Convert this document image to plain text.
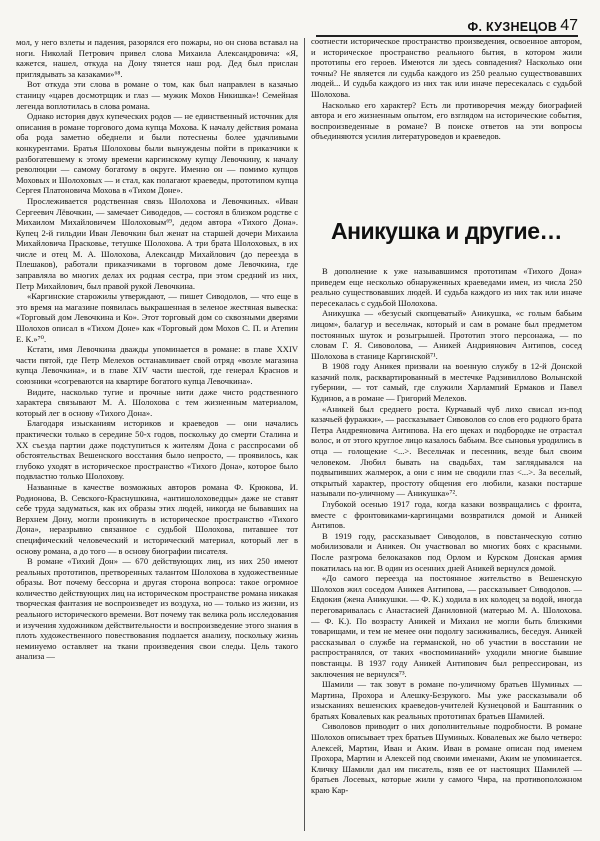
Ф. КУЗНЕЦОВ 47

мол, у него взлеты и падения, разорялся его пожары, но он снова вставал на ноги. Николай Петрович привел слова Михаила Александровича: «Я, кажется, нашел, откуда на Дону тянется наш род. Дед был прислан приглядывать за казаками»⁶⁸.

Вот откуда эти слова в романе о том, как был направлен в казачью станицу «царев досмотрщик и глаз — мужик Мохов Никишка»! Семейная легенда воплотилась в слова романа.

Однако история двух купеческих родов — не единственный источник для описания в романе торгового дома купца Мохова. К началу действия романа оба рода заметно обеднели и были потеснены более удачливыми конкурентами. Братья Шолоховы были вынуждены пойти в приказчики к разбогатевшему к этому времени каргинскому купцу Левочкину, к началу революции — самому богатому в округе. Именно он — помимо купцов Моховых и Шолоховых — и стал, как полагают краеведы, прототипом купца Сергея Платоновича Мохова в «Тихом Доне».

Прослеживается родственная связь Шолохова и Левочкиных. «Иван Сергеевич Лёвочкин, — замечает Сиводедов, — состоял в близком родстве с Михаилом Михайловичем Шолоховым⁶⁹, дедом автора «Тихого Дона». Купец 2-й гильдии Иван Левочкин был женат на старшей дочери Михаила Михайловича Прасковье, тетушке Шолохова. А три брата Шолоховых, в их числе и отец М. А. Шолохова, Александр Михайлович (до переезда в Плешаков), работали приказчиками в торговом доме Левочкина, где заправляла во многих делах их родная сестра, при этом средний из них, Петр Михайлович, был правой рукой Левочкина.

«Каргинские старожилы утверждают, — пишет Сиводолов, — что еще в это время на магазине появилась выкрашенная в зеленое жестяная вывеска: «Торговый дом Левочкина и Ко». Этот торговый дом со сквозными дверями Шолохов описал в «Тихом Доне» как «Торговый дом Мохов С. П. и Атепин Е. К.»⁷⁰.

Кстати, имя Левочкина дважды упоминается в романе: в главе XXIV части пятой, где Петр Мелехов останавливает свой отряд «возле магазина купца Левочкина», и в главе XIV части шестой, где генерал Краснов и союзники «согреваются на квартире богатого купца Левочкина».

Видите, насколько тугие и прочные нити даже чисто родственного характера связывают М. А. Шолохова с тем жизненным материалом, который лег в основу «Тихого Дона».

Благодаря изысканиям историков и краеведов — они начались практически только в середине 50-х годов, поскольку до смерти Сталина и XX съезда партии даже подступиться к жителям Дона с расспросами об обстоятельствах Вешенского восстания было непросто, — проявилось, как глубоко уходят в историческое пространство «Тихого Дона», которое было подвластно только Шолохову.

Названные в качестве возможных авторов романа Ф. Крюкова, И. Родионова, В. Севского-Краснушкина, «антишолоховедцы» даже не ставят себе труда задуматься, как их образы этих людей, никогда не бывавших на Верхнем Дону, могли проникнуть в историческое пространство «Тихого Дона», неразрывно связанное с судьбой Шолохова, питавшее тот специфический человеческий и исторический материал, который лег в основу романа, а до того — в основу биографии писателя.

В романе «Тихий Дон» — 670 действующих лиц, из них 250 имеют реальных прототипов, претворенных талантом Шолохова в художественные образы. Вот почему бессорна и другая сторона вопроса: такое огромное количество действующих лиц на историческом пространстве романа никакая творческая фантазия не воспроизведет из воздуха, но — только из жизни, из реального исторического времени. Вот почему так велика роль исследования и изучения художником действительности и воспроизведение этого знания в плоть художественного повествования подлается анализу, поскольку жизнь неминуемо оставляет на ткани произведения свои следы. Цель такого анализа —

соотнести историческое пространство произведения, освоенное автором, и историческое пространство реального бытия, в котором жили прототипы его героев. Имеются ли здесь совпадения? Насколько они точны? Не является ли судьба каждого из 250 реально существовавших людей... И судьба каждого из них так или иначе пересекалась с судьбой Шолохова.

Насколько его характер? Есть ли противоречия между биографией автора и его жизненным опытом, его взглядом на исторические события, воспроизведенные в романе? В поиске ответов на эти вопросы объединяются усилия литературоведов и краеведов.

Аникушка и другие…

В дополнение к уже называвшимся прототипам «Тихого Дона» приведем еще несколько обнаруженных краеведами имен, из числа 250 реально существовавших людей. И судьба каждого из них так или иначе пересекалась с судьбой Шолохова.

Аникушка — «безусый скопцеватый» Аникушка, «с голым бабьим лицом», балагур и весельчак, который и сам в романе был предметом постоянных шуток и розыгрышей. Прототип этого персонажа, — по словам Г. Я. Сивоволова, — Аникей Андриянович Антипов, сосед Шолохова в станице Каргинской⁷¹.

В 1908 году Аникея призвали на военную службу в 12-й Донской казачий полк, расквартированный в местечке Радзивиллово Волынской губернии, — тот самый, где служили Харлампий Ермаков и Павел Кудинов, а в романе — Григорий Мелехов.

«Аникей был среднего роста. Курчавый чуб лихо свисал из-под казачьей фуражки», — рассказывает Сивоволов со слов его родного брата Петра Андреяновича Антипова. На его щеках и подбородке не отрастал волос, и от этого круглое лицо казалось бабьим. Все сыновья уродились в отца — голощекие <...>. Весельчак и песенник, везде был своим человеком. Любил бывать на свадьбах, там заглядывался на подвыпивших жалмерок, а они с ним не сводили глаз <...>. За веселый, открытый характер, простоту общения его любили, казаки постарше называли по-уличному — Аникушка»⁷².

Глубокой осенью 1917 года, когда казаки возвращались с фронта, вместе с фронтовиками-каргинцами возвратился домой и Аникей Антипов.

В 1919 году, рассказывает Сиводолов, в повстанческую сотню мобилизовали и Аникея. Он участвовал во многих боях с красными. После разгрома белоказаков под Орлом и Курском Донская армия покатилась на юг. В один из осенних дней Аникей вернулся домой.

«До самого переезда на постоянное жительство в Вешенскую Шолохов жил соседом Аникея Антипова, — рассказывает Сиводолов. — Евдокия (жена Аникушки. — Ф. К.) ходила в их колодец за водой, иногда переговаривалась с Анастасией Даниловной (матерью М. А. Шолохова. — Ф. К.). По возрасту Аникей и Михаил не могли быть близкими товарищами, и тем не менее они подолгу засиживались, беседуя. Аникей рассказывал о службе на германской, но об участии в восстании не распространялся, от таких «воспоминаний» уходили многие бывшие повстанцы. В 1937 году Аникей Антипович был репрессирован, из заключения не вернулся⁷³.

Шамили — так зовут в романе по-уличному братьев Шуминых — Мартина, Прохора и Алешку-Безрукого. Мы уже рассказывали об изысканиях вешенских краеведов-учителей Кузнецовой и Баштанник о братьях Ковалевых как реальных прототипах братьев Шамилей.

Сиволовов приводит о них дополнительные подробности. В романе Шолохов описывает трех братьев Шуминых. Ковалевых же было четверо: Алексей, Мартин, Иван и Аким. Иван в романе описан под именем Прохора, Мартин и Алексей под своими именами, Аким не упоминается. Кличку Шамили дал им писатель, взяв ее от настоящих Шамилей — братьев Лосевых, которые жили у самого Чира, на противоположном краю Кар-
